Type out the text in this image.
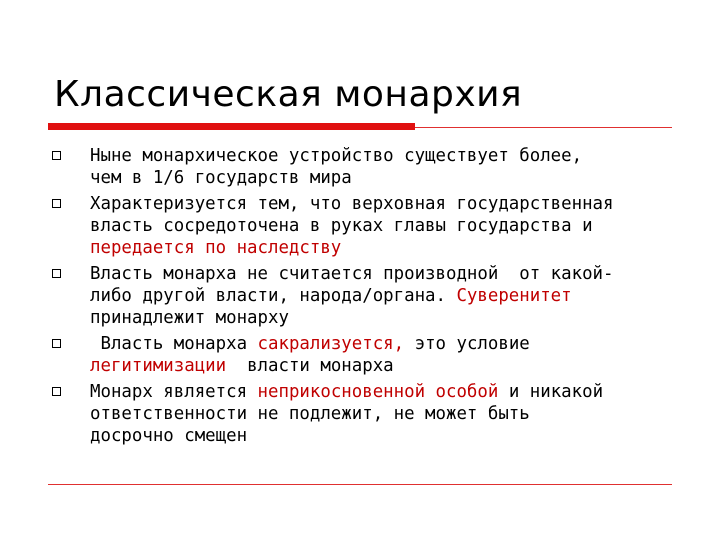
Классическая монархия
Ныне монархическое устройство существует более,
чем в 1/6 государств мира
Характеризуется тем, что верховная государственная
власть сосредоточена в руках главы государства и
передается по наследству
Власть монарха не считается производной  от какой-
либо другой власти, народа/органа. Суверенитет
принадлежит монарху
Власть монарха сакрализуется, это условие
легитимизации  власти монарха
Монарх является неприкосновенной особой и никакой
ответственности не подлежит, не может быть
досрочно смещен
